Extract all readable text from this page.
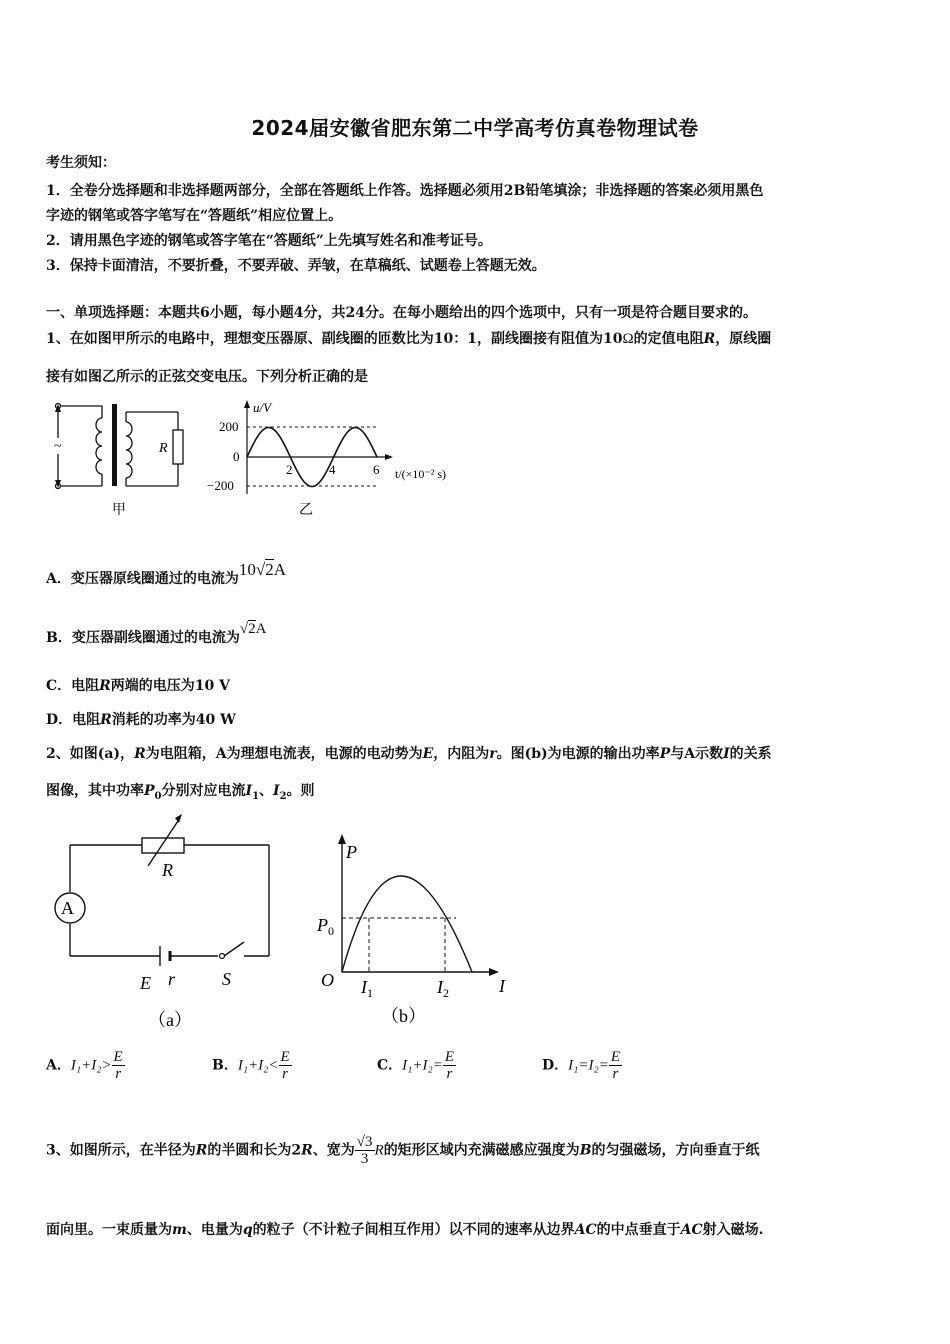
2024届安徽省肥东第二中学高考仿真卷物理试卷
考生须知：
1．全卷分选择题和非选择题两部分，全部在答题纸上作答。选择题必须用2B铅笔填涂；非选择题的答案必须用黑色
字迹的钢笔或答字笔写在“答题纸”相应位置上。
2．请用黑色字迹的钢笔或答字笔在“答题纸”上先填写姓名和准考证号。
3．保持卡面清洁，不要折叠，不要弄破、弄皱，在草稿纸、试题卷上答题无效。
一、单项选择题：本题共6小题，每小题4分，共24分。在每小题给出的四个选项中，只有一项是符合题目要求的。
1、在如图甲所示的电路中，理想变压器原、副线圈的匝数比为10：1，副线圈接有阻值为10Ω的定值电阻R，原线圈
接有如图乙所示的正弦交变电压。下列分析正确的是
~	R
甲
u/V
200
0
−200
2	4	6 t/(×10⁻² s)
乙
A．变压器原线圈通过的电流为10√2A
B．变压器副线圈通过的电流为√2A
C．电阻R两端的电压为10 V
D．电阻R消耗的功率为40 W
2、如图(a)，R为电阻箱，A为理想电流表，电源的电动势为E，内阻为r。图(b)为电源的输出功率P与A示数I的关系
图像，其中功率$P_0$分别对应电流$I_1$、$I_2$。则
R
A
E r	S
（a）
P
$P_0$
O $I_1$	$I_2$	I
（b）
A．$I_1+I_2> \frac{E}{r}$	B．$I_1+I_2< \frac{E}{r}$	C．$I_1+I_2= \frac{E}{r}$	D．$I_1=I_2= \frac{E}{r}$
3、如图所示，在半径为R的半圆和长为2R、宽为 $\frac{√3}{3}$ R的矩形区域内充满磁感应强度为B的匀强磁场，方向垂直于纸
面向里。一束质量为m、电量为q的粒子（不计粒子间相互作用）以不同的速率从边界AC的中点垂直于AC射入磁场.
